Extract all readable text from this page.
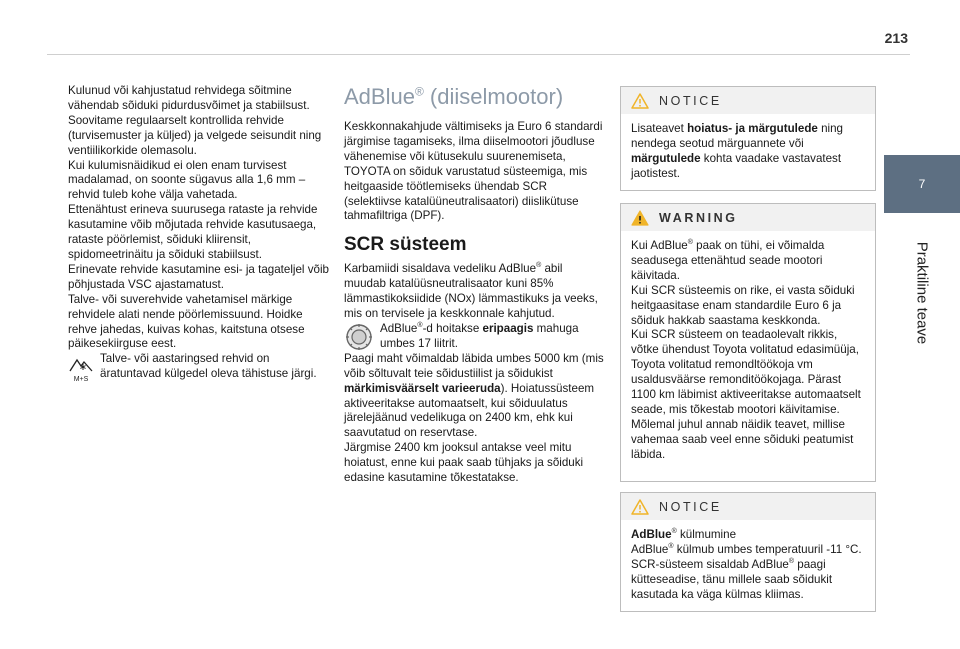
213
7
Praktiline teave

Kulunud või kahjustatud rehvidega sõitmine vähendab sõiduki pidurdusvõimet ja stabiilsust.

Soovitame regulaarselt kontrollida rehvide (turvisemuster ja küljed) ja velgede seisundit ning ventiilikorkide olemasolu.

Kui kulumisnäidikud ei olen enam turvisest madalamad, on soonte sügavus alla 1,6 mm – rehvid tuleb kohe välja vahetada.

Ettenähtust erineva suurusega rataste ja rehvide kasutamine võib mõjutada rehvide kasutusaega, rataste pöörlemist, sõiduki kliirensit, spidomeetrinäitu ja sõiduki stabiilsust.

Erinevate rehvide kasutamine esi- ja tagateljel võib põhjustada VSC ajastamatust.

Talve- või suverehvide vahetamisel märkige rehvidele alati nende pöörlemissuund. Hoidke rehve jahedas, kuivas kohas, kaitstuna otsese päikesekiirguse eest.

M+S

Talve- või aastaringsed rehvid on äratuntavad külgedel oleva tähistuse järgi.

AdBlue® (diiselmootor)

Keskkonnakahjude vältimiseks ja Euro 6 standardi järgimise tagamiseks, ilma diiselmootori jõudluse vähenemise või kütusekulu suurenemiseta, TOYOTA on sõiduk varustatud süsteemiga, mis heitgaaside töötlemiseks ühendab SCR (selektiivse katalüüneutralisaatori) diislikütuse tahmafiltriga (DPF).

SCR süsteem

Karbamiidi sisaldava vedeliku AdBlue® abil muudab katalüüsneutralisaator kuni 85% lämmastikoksiidide (NOx) lämmastikuks ja veeks, mis on tervisele ja keskkonnale kahjutud.

AdBlue®-d hoitakse eripaagis mahuga umbes 17 liitrit.

Paagi maht võimaldab läbida umbes 5000 km (mis võib sõltuvalt teie sõidustiilist ja sõidukist märkimisväärselt varieeruda). Hoiatussüsteem aktiveeritakse automaatselt, kui sõiduulatus järelejäänud vedelikuga on 2400 km, ehk kui saavutatud on reservtase.

Järgmise 2400 km jooksul antakse veel mitu hoiatust, enne kui paak saab tühjaks ja sõiduki edasine kasutamine tõkestatakse.

NOTICE

Lisateavet hoiatus- ja märgutulede ning nendega seotud märguannete või märgutulede kohta vaadake vastavatest jaotistest.

WARNING

Kui AdBlue® paak on tühi, ei võimalda seadusega ettenähtud seade mootori käivitada.

Kui SCR süsteemis on rike, ei vasta sõiduki heitgaasitase enam standardile Euro 6 ja sõiduk hakkab saastama keskkonda.

Kui SCR süsteem on teadaolevalt rikkis, võtke ühendust Toyota volitatud edasimüüja, Toyota volitatud remondltöökoja vm usaldusväärse remonditöökojaga. Pärast 1100 km läbimist aktiveeritakse automaatselt seade, mis tõkestab mootori käivitamise.

Mõlemal juhul annab näidik teavet, millise vahemaa saab veel enne sõiduki peatumist läbida.

NOTICE

AdBlue® külmumine

AdBlue® külmub umbes temperatuuril -11 °C.

SCR-süsteem sisaldab AdBlue® paagi kütteseadise, tänu millele saab sõidukit kasutada ka väga külmas kliimas.
